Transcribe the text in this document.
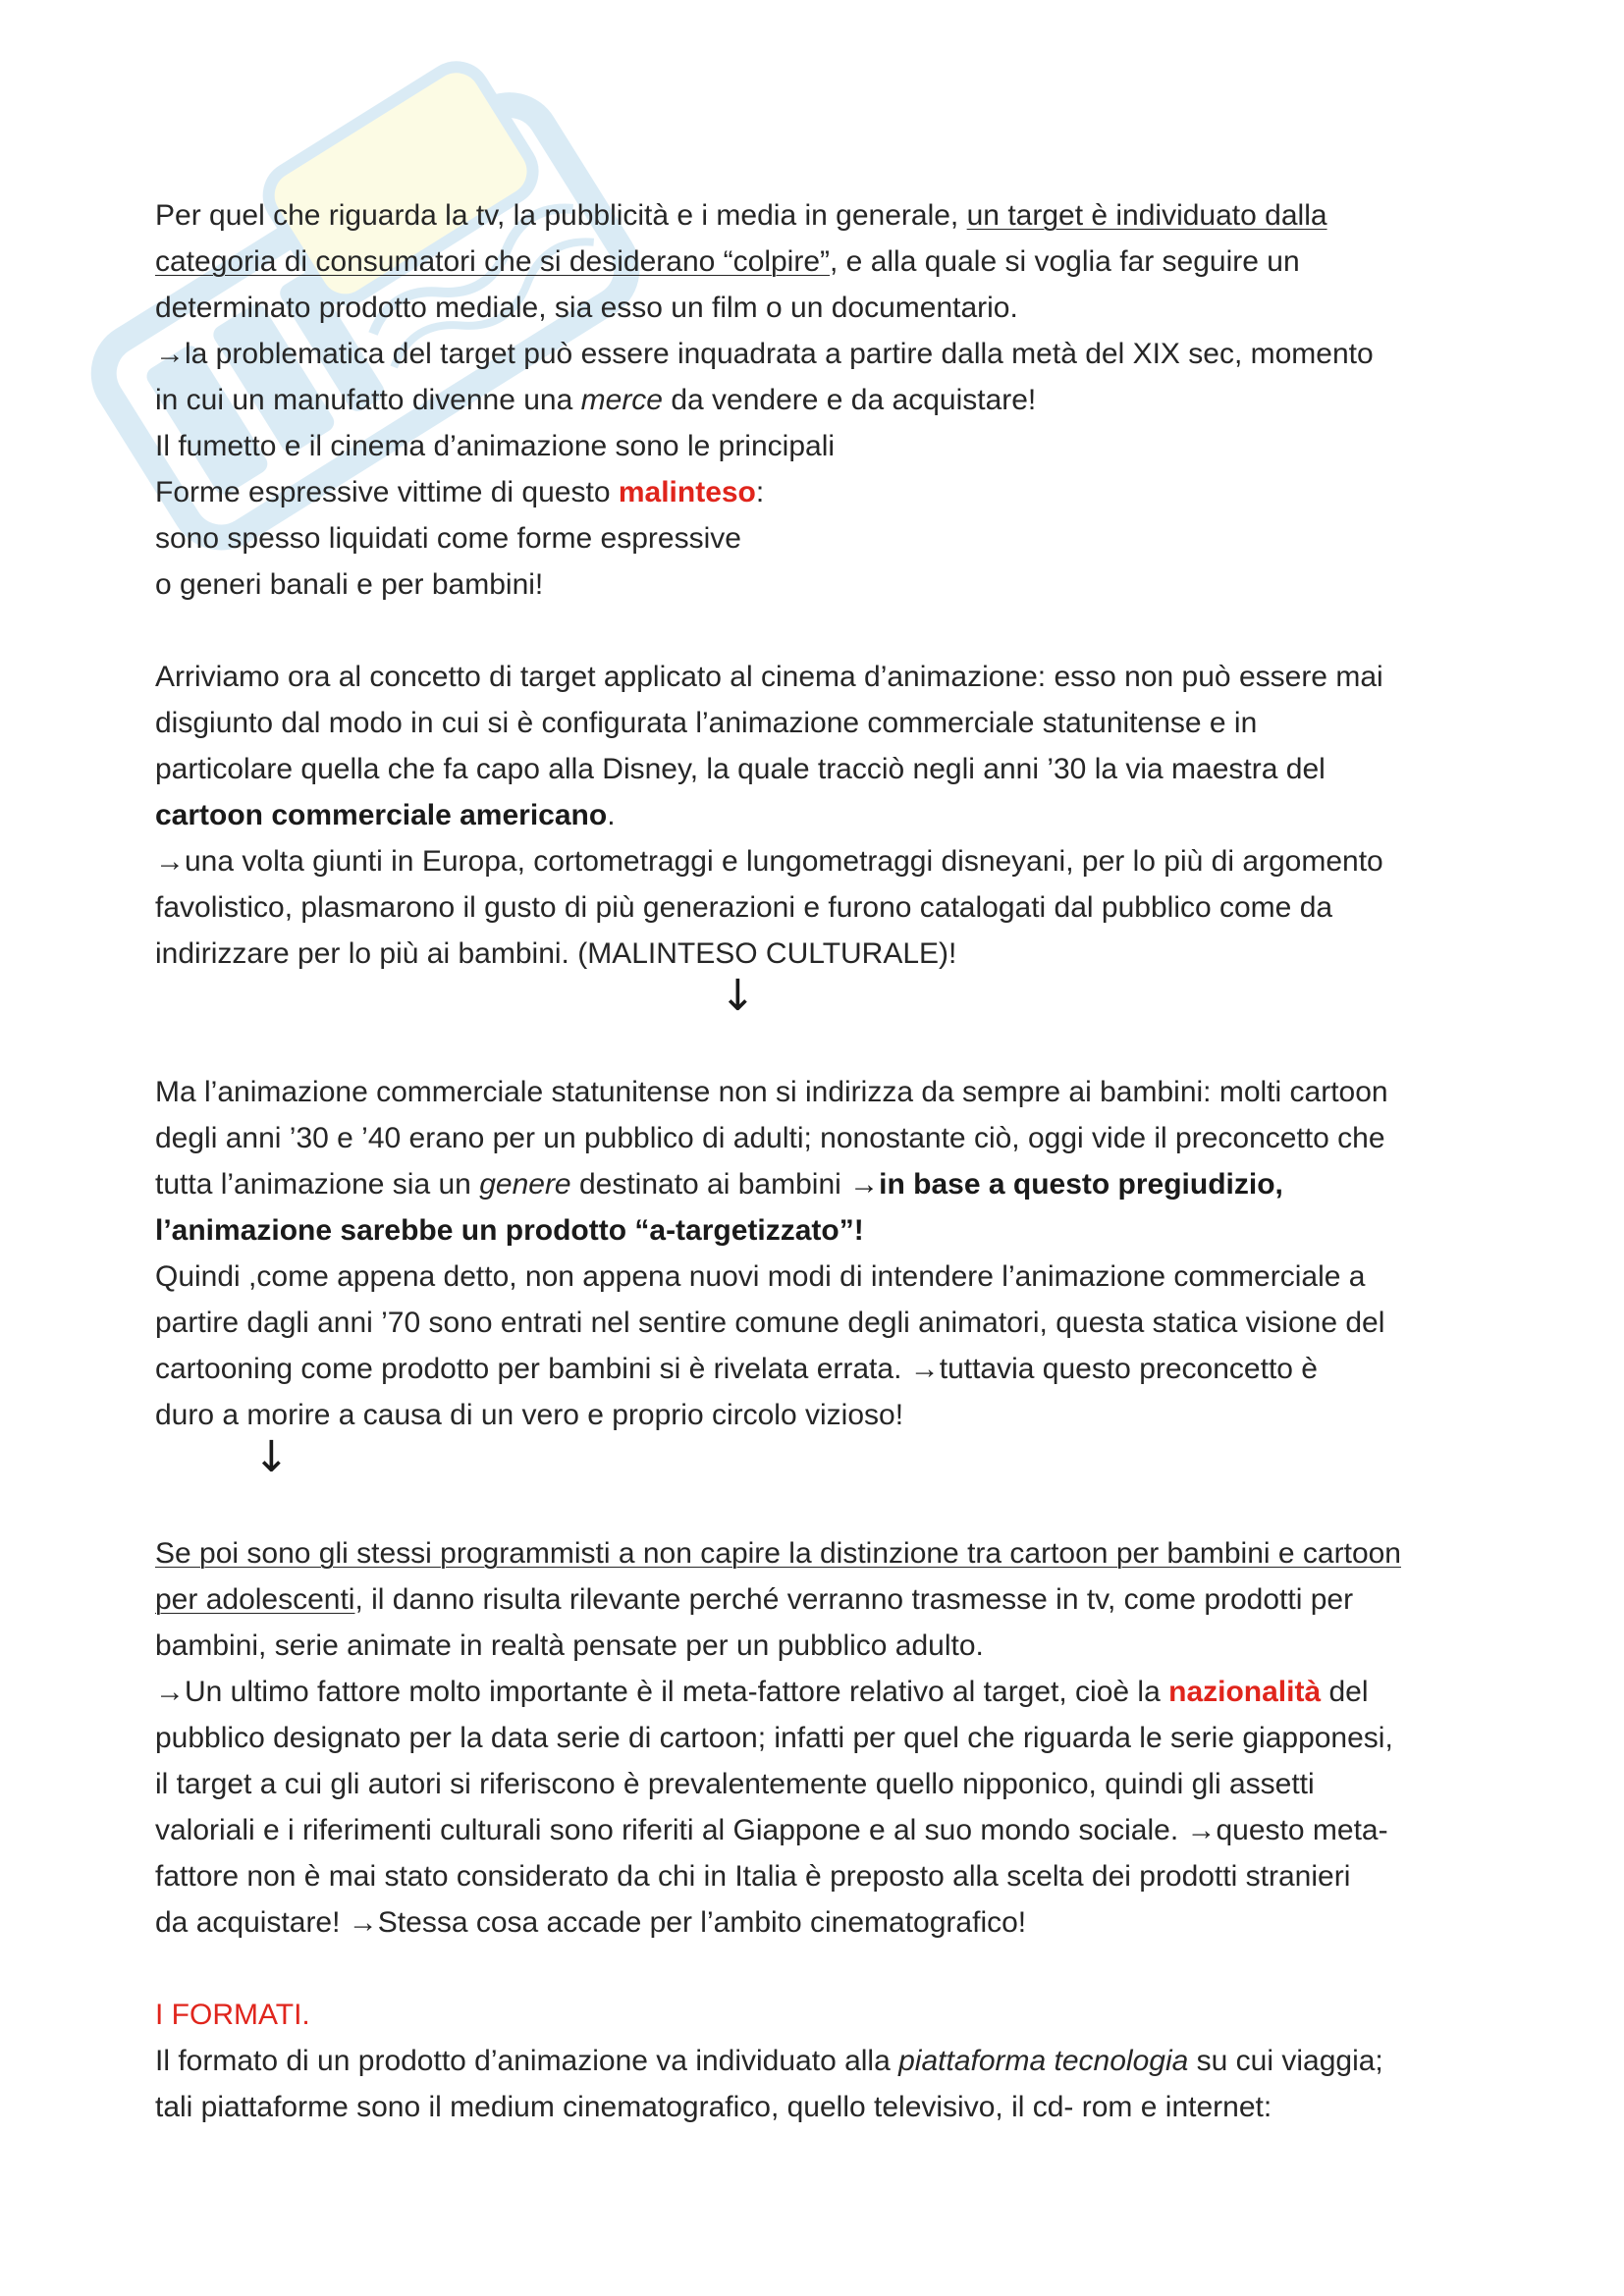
Per quel che riguarda la tv, la pubblicità e i media in generale, un target è individuato dalla
categoria di consumatori che si desiderano “colpire”, e alla quale si voglia far seguire un
determinato prodotto mediale, sia esso un film o un documentario.
→la problematica del target può essere inquadrata a partire dalla metà del XIX sec, momento
in cui un manufatto divenne una merce da vendere e da acquistare!
Il fumetto e il cinema d’animazione sono le principali
Forme espressive vittime di questo malinteso:
sono spesso liquidati come forme espressive
o generi banali e per bambini!
Arriviamo ora al concetto di target applicato al cinema d’animazione: esso non può essere mai
disgiunto dal modo in cui si è configurata l’animazione commerciale statunitense e in
particolare quella che fa capo alla Disney, la quale tracciò negli anni ’30 la via maestra del
cartoon commerciale americano.
→una volta giunti in Europa, cortometraggi e lungometraggi disneyani, per lo più di argomento
favolistico, plasmarono il gusto di più generazioni e furono catalogati dal pubblico come da
indirizzare per lo più ai bambini. (MALINTESO CULTURALE)!
↓
Ma l’animazione commerciale statunitense non si indirizza da sempre ai bambini: molti cartoon
degli anni ’30 e ’40 erano per un pubblico di adulti; nonostante ciò, oggi vide il preconcetto che
tutta l’animazione sia un genere destinato ai bambini →in base a questo pregiudizio,
l’animazione sarebbe un prodotto “a-targetizzato”!
Quindi ,come appena detto, non appena nuovi modi di intendere l’animazione commerciale a
partire dagli anni ’70 sono entrati nel sentire comune degli animatori, questa statica visione del
cartooning come prodotto per bambini si è rivelata errata. →tuttavia questo preconcetto è
duro a morire a causa di un vero e proprio circolo vizioso!
↓
Se poi sono gli stessi programmisti a non capire la distinzione tra cartoon per bambini e cartoon
per adolescenti, il danno risulta rilevante perché verranno trasmesse in tv, come prodotti per
bambini, serie animate in realtà pensate per un pubblico adulto.
→Un ultimo fattore molto importante è il meta-fattore relativo al target, cioè la nazionalità del
pubblico designato per la data serie di cartoon; infatti per quel che riguarda le serie giapponesi,
il target a cui gli autori si riferiscono è prevalentemente quello nipponico, quindi gli assetti
valoriali e i riferimenti culturali sono riferiti al Giappone e al suo mondo sociale. →questo meta-
fattore non è mai stato considerato da chi in Italia è preposto alla scelta dei prodotti stranieri
da acquistare! →Stessa cosa accade per l’ambito cinematografico!
I FORMATI.
Il formato di un prodotto d’animazione va individuato alla piattaforma tecnologia su cui viaggia;
tali piattaforme sono il medium cinematografico, quello televisivo, il cd- rom e internet:
